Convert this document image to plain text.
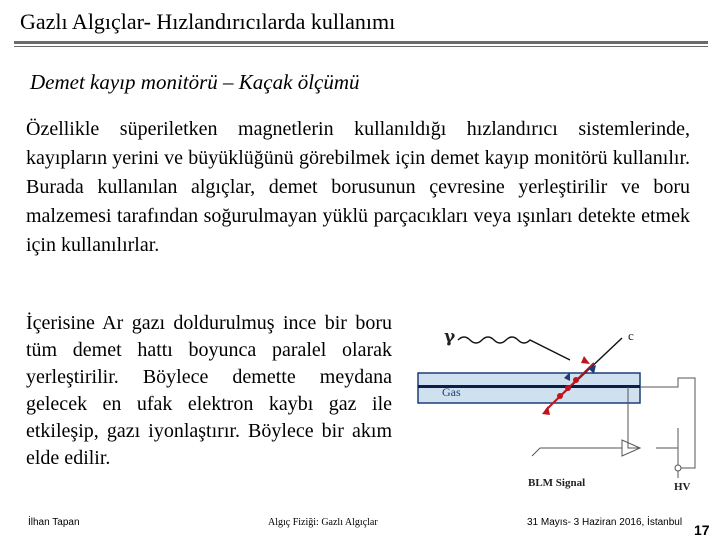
Gazlı Algıçlar- Hızlandırıcılarda kullanımı
Demet kayıp monitörü – Kaçak ölçümü
Özellikle süperiletken magnetlerin kullanıldığı hızlandırıcı sistemlerinde, kayıpların yerini ve büyüklüğünü görebilmek için demet kayıp monitörü kullanılır. Burada kullanılan algıçlar, demet borusunun çevresine yerleştirilir ve boru malzemesi tarafından soğurulmayan yüklü parçacıkları veya ışınları detekte etmek için kullanılırlar.
İçerisine Ar gazı doldurulmuş ince bir boru tüm demet hattı boyunca paralel olarak yerleştirilir. Böylece demette meydana gelecek en ufak elektron kaybı gaz ile etkileşip, gazı iyonlaştırır. Böylece bir akım elde edilir.
Gas
γ	c
BLM Signal	HV
İlhan Tapan	Algıç Fiziği: Gazlı Algıçlar	31 Mayıs- 3 Haziran 2016, İstanbul 17
